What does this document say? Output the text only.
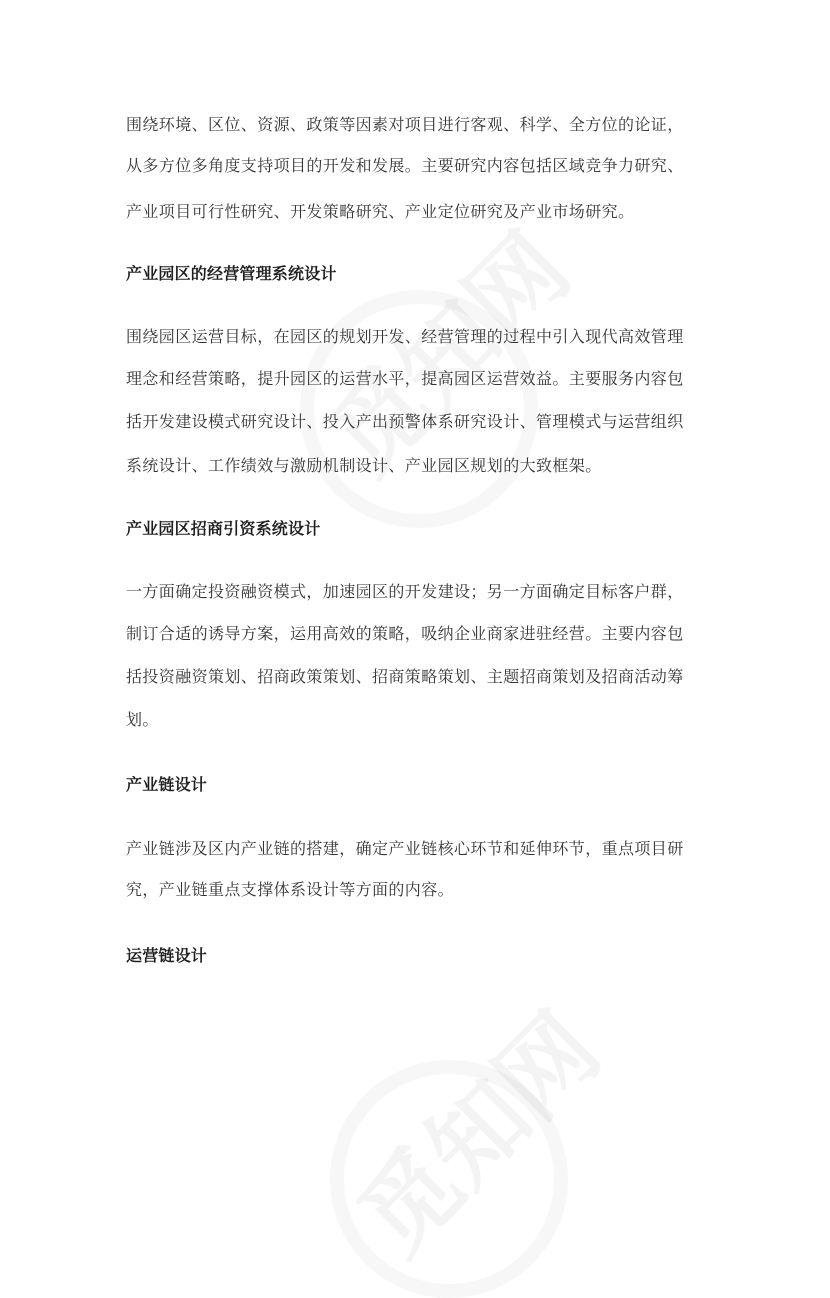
围绕环境、区位、资源、政策等因素对项目进行客观、科学、全方位的论证，
从多方位多角度支持项目的开发和发展。主要研究内容包括区域竞争力研究、
产业项目可行性研究、开发策略研究、产业定位研究及产业市场研究。
产业园区的经营管理系统设计
围绕园区运营目标，在园区的规划开发、经营管理的过程中引入现代高效管理
理念和经营策略，提升园区的运营水平，提高园区运营效益。主要服务内容包
括开发建设模式研究设计、投入产出预警体系研究设计、管理模式与运营组织
系统设计、工作绩效与激励机制设计、产业园区规划的大致框架。
产业园区招商引资系统设计
一方面确定投资融资模式，加速园区的开发建设；另一方面确定目标客户群，
制订合适的诱导方案，运用高效的策略，吸纳企业商家进驻经营。主要内容包
括投资融资策划、招商政策策划、招商策略策划、主题招商策划及招商活动筹
划。
产业链设计
产业链涉及区内产业链的搭建，确定产业链核心环节和延伸环节，重点项目研
究，产业链重点支撑体系设计等方面的内容。
运营链设计
